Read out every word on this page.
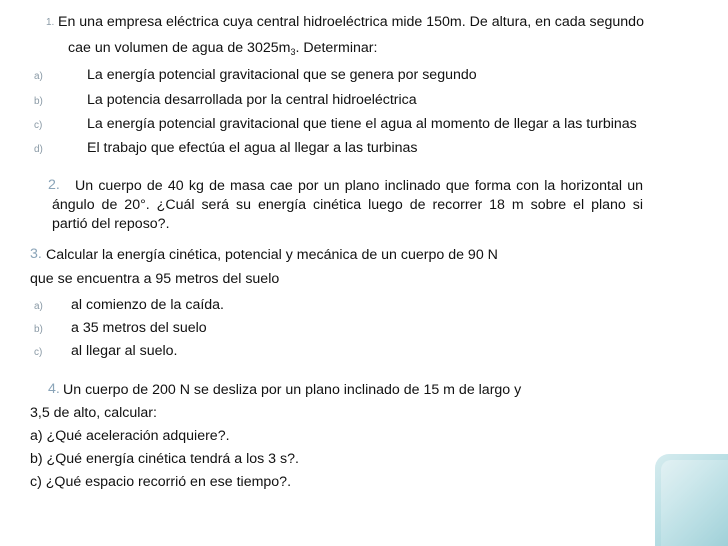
1. En una empresa eléctrica cuya central hidroeléctrica mide 150m. De altura, en cada segundo
cae un volumen de agua de $3025m_3$. Determinar:
a)	La energía potencial gravitacional que se genera por segundo
b)	La potencia desarrollada por la central hidroeléctrica
c)	La energía potencial gravitacional que tiene el agua al momento de llegar a las turbinas
d)	El trabajo que efectúa el agua al llegar a las turbinas
2. Un cuerpo de 40 kg de masa cae por un plano inclinado que forma con la horizontal un
ángulo de 20°. ¿Cuál será su energía cinética luego de recorrer 18 m sobre el plano si
partió del reposo?.
3. Calcular la energía cinética, potencial y mecánica de un cuerpo de 90 N
que se encuentra a 95 metros del suelo
a) al comienzo de la caída.
b) a 35 metros del suelo
c) al llegar al suelo.
4. Un cuerpo de 200 N se desliza por un plano inclinado de 15 m de largo y
3,5 de alto, calcular:
a) ¿Qué aceleración adquiere?.
b) ¿Qué energía cinética tendrá a los 3 s?.
c) ¿Qué espacio recorrió en ese tiempo?.
